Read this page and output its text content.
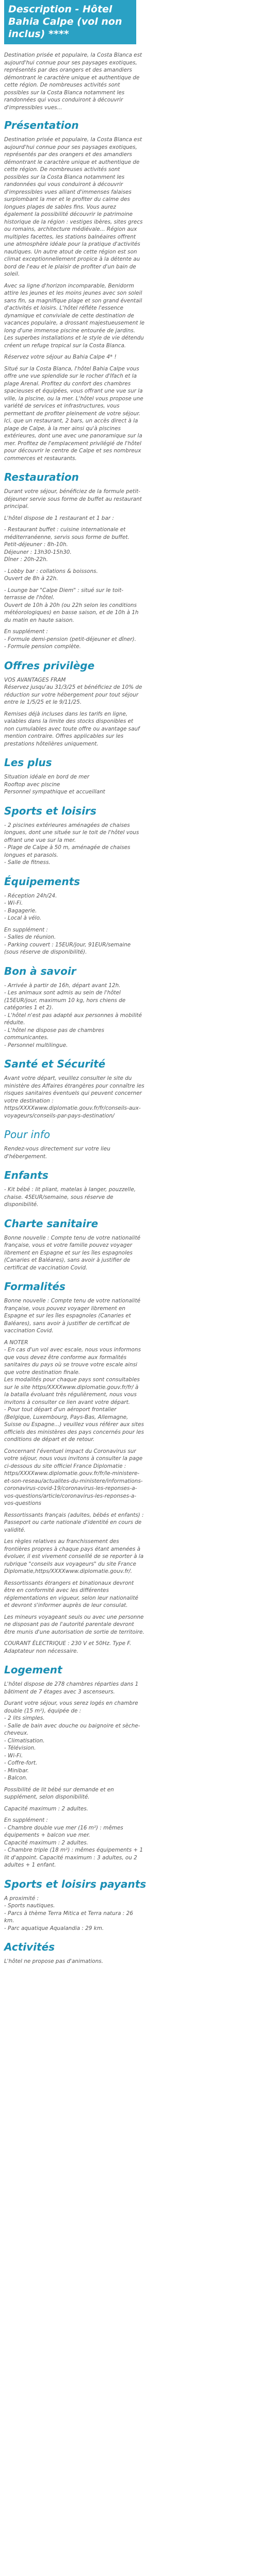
Description - Hôtel Bahia Calpe (vol non inclus) ****

Destination prisée et populaire, la Costa Blanca est aujourd'hui connue pour ses paysages exotiques, représentés par des orangers et des amandiers démontrant le caractère unique et authentique de cette région. De nombreuses activités sont possibles sur la Costa Blanca notamment les randonnées qui vous conduiront à découvrir d'impressibles vues...

Présentation

Destination prisée et populaire, la Costa Blanca est aujourd'hui connue pour ses paysages exotiques, représentés par des orangers et des amandiers démontrant le caractère unique et authentique de cette région. De nombreuses activités sont possibles sur la Costa Blanca notamment les randonnées qui vous conduiront à découvrir d'impressibles vues alliant d'immenses falaises surplombant la mer et le profiter du calme des longues plages de sables fins. Vous aurez également la possibilité découvrir le patrimoine historique de la région : vestiges ibères, sites grecs ou romains, architecture médiévale... Région aux multiples facettes, les stations balnéaires offrent une atmosphère idéale pour la pratique d'activités nautiques. Un autre atout de cette région est son climat exceptionnellement propice à la détente au bord de l'eau et le plaisir de profiter d'un bain de soleil.

Avec sa ligne d'horizon incomparable, Benidorm attire les jeunes et les moins jeunes avec son soleil sans fin, sa magnifique plage et son grand éventail d'activités et loisirs. L'hôtel réfléte l'essence dynamique et conviviale de cette destination de vacances populaire, a drossant majestueusement le long d'une immense piscine entourée de jardins. Les superbes installations et le style de vie détendu créent un refuge tropical sur la Costa Blanca.

Réservez votre séjour au Bahia Calpe 4* !

Situé sur la Costa Blanca, l'hôtel Bahia Calpe vous offre une vue splendide sur le rocher d'Ifach et la plage Arenal. Profitez du confort des chambres spacieuses et équipées, vous offrant une vue sur la ville, la piscine, ou la mer. L'hôtel vous propose une variété de services et infrastructures, vous permettant de profiter pleinement de votre séjour. Ici, que un restaurant, 2 bars, un accès direct à la plage de Calpe, à la mer ainsi qu'à piscines extérieures, dont une avec une panoramique sur la mer. Profitez de l'emplacement privilégié de l'hôtel pour découvrir le centre de Calpe et ses nombreux commerces et restaurants.

Restauration

Durant votre séjour, bénéficiez de la formule petit-déjeuner servie sous forme de buffet au restaurant principal.

L'hôtel dispose de 1 restaurant et 1 bar :

- Restaurant buffet : cuisine internationale et méditerranéenne, servis sous forme de buffet.
Petit-déjeuner : 8h-10h.
Déjeuner : 13h30-15h30.
Dîner : 20h-22h.

- Lobby bar : collations & boissons.
Ouvert de 8h à 22h.

- Lounge bar "Calpe Diem" : situé sur le toit-terrasse de l'hôtel.
Ouvert de 10h à 20h (ou 22h selon les conditions météorologiques) en basse saison, et de 10h à 1h du matin en haute saison.

En supplément :
- Formule demi-pension (petit-déjeuner et dîner).
- Formule pension complète.

Offres privilège

VOS AVANTAGES FRAM
Réservez jusqu'au 31/3/25 et bénéficiez de 10% de réduction sur votre hébergement pour tout séjour entre le 1/5/25 et le 9/11/25.

Remises déjà incluses dans les tarifs en ligne, valables dans la limite des stocks disponibles et non cumulables avec toute offre ou avantage sauf mention contraire. Offres applicables sur les prestations hôtelières uniquement.

Les plus

Situation idéale en bord de mer
Rooftop avec piscine
Personnel sympathique et accueillant

Sports et loisirs

- 2 piscines extérieures aménagées de chaises longues, dont une située sur le toit de l'hôtel vous offrant une vue sur la mer.
- Plage de Calpe à 50 m, aménagée de chaises longues et parasols.
- Salle de fitness.

Équipements

- Réception 24h/24.
- Wi-Fi.
- Bagagerie.
- Local à vélo.

En supplément :
- Salles de réunion.
- Parking couvert : 15EUR/jour, 91EUR/semaine (sous réserve de disponibilité).

Bon à savoir

- Arrivée à partir de 16h, départ avant 12h.
- Les animaux sont admis au sein de l'hôtel (15EUR/jour, maximum 10 kg, hors chiens de catégories 1 et 2).
- L'hôtel n'est pas adapté aux personnes à mobilité réduite.
- L'hôtel ne dispose pas de chambres communicantes.
- Personnel multilingue.

Santé et Sécurité

Avant votre départ, veuillez consulter le site du ministère des Affaires étrangères pour connaître les risques sanitaires éventuels qui peuvent concerner votre destination : https/XXXXwww.diplomatie.gouv.fr/fr/conseils-aux-voyageurs/conseils-par-pays-destination/

Pour info

Rendez-vous directement sur votre lieu d'hébergement.

Enfants

- Kit bébé : lit pliant, matelas à langer, pouzzelle, chaise. 45EUR/semaine, sous réserve de disponibilité.

Charte sanitaire

Bonne nouvelle : Compte tenu de votre nationalité française, vous et votre famille pouvez voyager librement en Espagne et sur les îles espagnoles (Canaries et Baléares), sans avoir à justifier de certificat de vaccination Covid.

Formalités

Bonne nouvelle : Compte tenu de votre nationalité française, vous pouvez voyager librement en Espagne et sur les îles espagnoles (Canaries et Baléares), sans avoir à justifier de certificat de vaccination Covid.

A NOTER
- En cas d'un vol avec escale, nous vous informons que vous devez être conforme aux formalités sanitaires du pays où se trouve votre escale ainsi que votre destination finale.
Les modalités pour chaque pays sont consultables sur le site https/XXXXwww.diplomatie.gouv.fr/fr/ à la batalla évoluant très régulièrement, nous vous invitons à consulter ce lien avant votre départ.
- Pour tout départ d'un aéroport frontalier (Belgique, Luxembourg, Pays-Bas, Allemagne, Suisse ou Espagne...) veuillez vous référer aux sites officiels des ministères des pays concernés pour les conditions de départ et de retour.

Concernant l'éventuel impact du Coronavirus sur votre séjour, nous vous invitons à consulter la page ci-dessous du site officiel France Diplomatie : https/XXXXwww.diplomatie.gouv.fr/fr/le-ministere-et-son-reseau/actualites-du-ministere/informations-coronavirus-covid-19/coronavirus-les-reponses-a-vos-questions/article/coronavirus-les-reponses-a-vos-questions

Ressortissants français (adultes, bébés et enfants) :
Passeport ou carte nationale d'identité en cours de validité.

Les règles relatives au franchissement des frontières propres à chaque pays étant amenées à évoluer, il est vivement conseillé de se reporter à la rubrique "conseils aux voyageurs" du site France Diplomatie,https/XXXXwww.diplomatie.gouv.fr/.

Ressortissants étrangers et binationaux devront être en conformité avec les différentes réglementations en vigueur, selon leur nationalité et devront s'informer auprès de leur consulat.

Les mineurs voyageant seuls ou avec une personne ne disposant pas de l'autorité parentale devront être munis d'une autorisation de sortie de territoire.

COURANT ÉLECTRIQUE : 230 V et 50Hz. Type F. Adaptateur non nécessaire.

Logement

L'hôtel dispose de 278 chambres réparties dans 1 bâtiment de 7 étages avec 3 ascenseurs.

Durant votre séjour, vous serez logés en chambre double (15 m²), équipée de :
- 2 lits simples.
- Salle de bain avec douche ou baignoire et sèche-cheveux.
- Climatisation.
- Télévision.
- Wi-Fi.
- Coffre-fort.
- Minibar.
- Balcon.

Possibilité de lit bébé sur demande et en supplément, selon disponibilité.

Capacité maximum : 2 adultes.

En supplément :
- Chambre double vue mer (16 m²) : mêmes équipements + balcon vue mer.
Capacité maximum : 2 adultes.
- Chambre triple (18 m²) : mêmes équipements + 1 lit d'appoint. Capacité maximum : 3 adultes, ou 2 adultes + 1 enfant.

Sports et loisirs payants

A proximité :
- Sports nautiques.
- Parcs à thème Terra Mitica et Terra natura : 26 km.
- Parc aquatique Aqualandia : 29 km.

Activités

L'hôtel ne propose pas d'animations.
